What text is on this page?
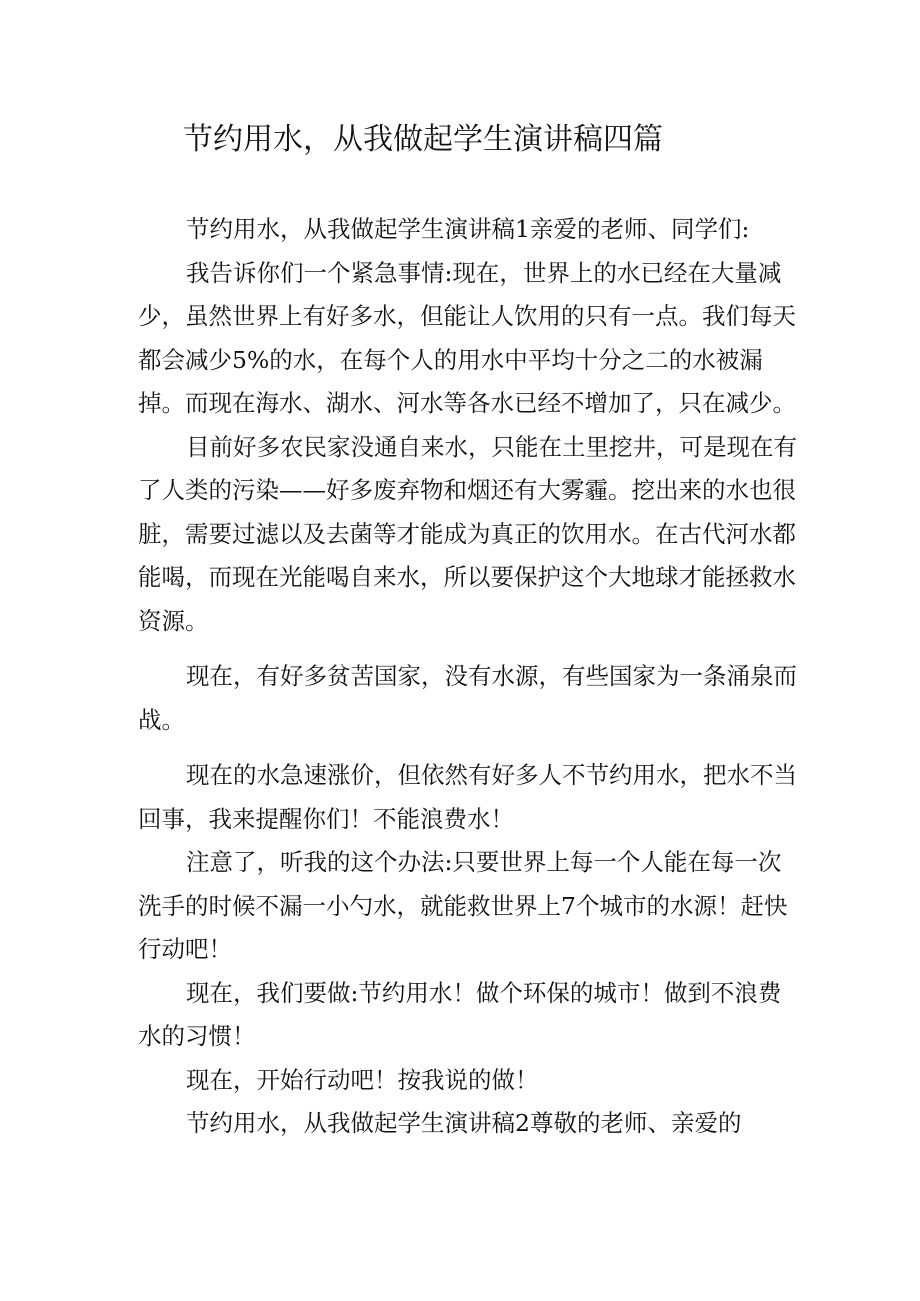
节约用水，从我做起学生演讲稿四篇

节约用水，从我做起学生演讲稿1亲爱的老师、同学们:

我告诉你们一个紧急事情:现在，世界上的水已经在大量减少，虽然世界上有好多水，但能让人饮用的只有一点。我们每天都会减少5%的水，在每个人的用水中平均十分之二的水被漏掉。而现在海水、湖水、河水等各水已经不增加了，只在减少。

目前好多农民家没通自来水，只能在土里挖井，可是现在有了人类的污染——好多废弃物和烟还有大雾霾。挖出来的水也很脏，需要过滤以及去菌等才能成为真正的饮用水。在古代河水都能喝，而现在光能喝自来水，所以要保护这个大地球才能拯救水资源。

现在，有好多贫苦国家，没有水源，有些国家为一条涌泉而战。

现在的水急速涨价，但依然有好多人不节约用水，把水不当回事，我来提醒你们！不能浪费水！

注意了，听我的这个办法:只要世界上每一个人能在每一次洗手的时候不漏一小勺水，就能救世界上7个城市的水源！赶快行动吧！

现在，我们要做:节约用水！做个环保的城市！做到不浪费水的习惯！

现在，开始行动吧！按我说的做！

节约用水，从我做起学生演讲稿2尊敬的老师、亲爱的
